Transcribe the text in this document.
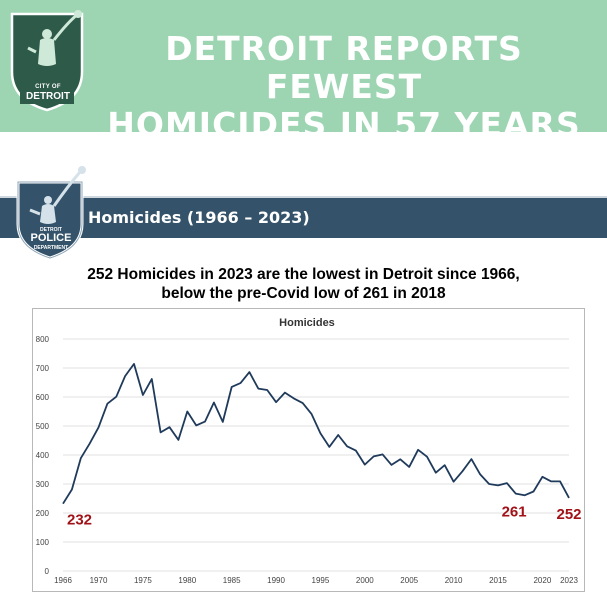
CITY OF
DETROIT
DETROIT REPORTS FEWEST
HOMICIDES IN 57 YEARS
DETROIT
POLICE
DEPARTMENT
Homicides (1966 – 2023)
252 Homicides in 2023 are the lowest in Detroit since 1966,
below the pre-Covid low of 261 in 2018
Homicides
0
100
200
300
400
500
600
700
800
1966 1970	1975	1980	1985	1990	1995	2000	2005	2010	2015	2020 2023
232	261 252
